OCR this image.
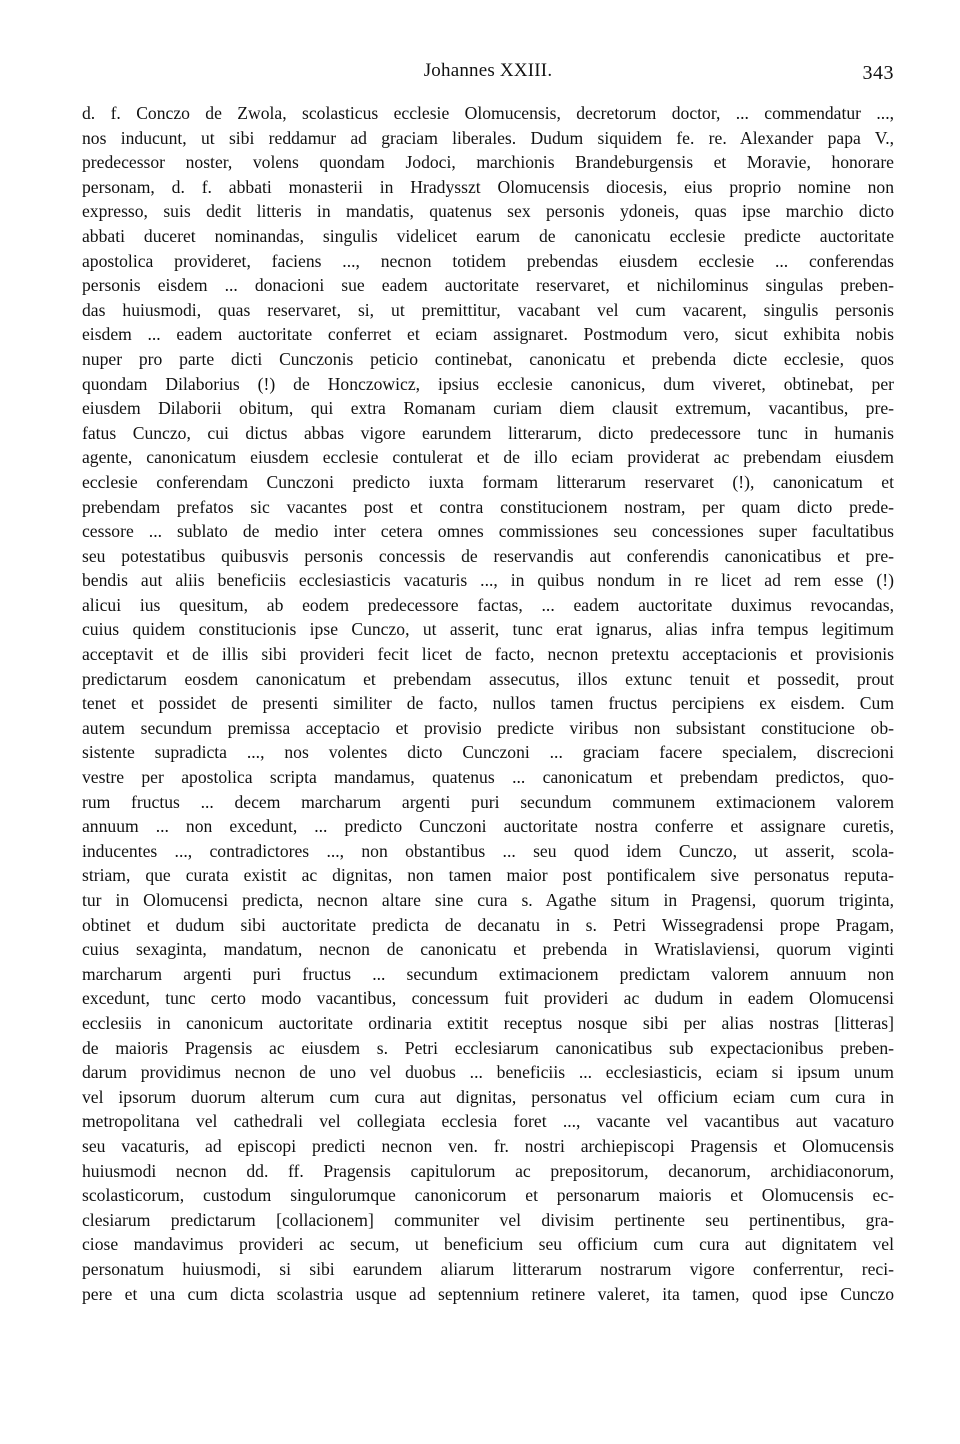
Johannes XXIII.	343
d. f. Conczo de Zwola, scolasticus ecclesie Olomucensis, decretorum doctor, ... commendatur ...,
nos inducunt, ut sibi reddamur ad graciam liberales. Dudum siquidem fe. re. Alexander papa V.,
predecessor noster, volens quondam Jodoci, marchionis Brandeburgensis et Moravie, honorare
personam, d. f. abbati monasterii in Hradysszt Olomucensis diocesis, eius proprio nomine non
expresso, suis dedit litteris in mandatis, quatenus sex personis ydoneis, quas ipse marchio dicto
abbati duceret nominandas, singulis videlicet earum de canonicatu ecclesie predicte auctoritate
apostolica provideret, faciens ..., necnon totidem prebendas eiusdem ecclesie ... conferendas
personis eisdem ... donacioni sue eadem auctoritate reservaret, et nichilominus singulas preben-
das huiusmodi, quas reservaret, si, ut premittitur, vacabant vel cum vacarent, singulis personis
eisdem ... eadem auctoritate conferret et eciam assignaret. Postmodum vero, sicut exhibita nobis
nuper pro parte dicti Cunczonis peticio continebat, canonicatu et prebenda dicte ecclesie, quos
quondam Dilaborius (!) de Honczowicz, ipsius ecclesie canonicus, dum viveret, obtinebat, per
eiusdem Dilaborii obitum, qui extra Romanam curiam diem clausit extremum, vacantibus, pre-
fatus Cunczo, cui dictus abbas vigore earundem litterarum, dicto predecessore tunc in humanis
agente, canonicatum eiusdem ecclesie contulerat et de illo eciam providerat ac prebendam eiusdem
ecclesie conferendam Cunczoni predicto iuxta formam litterarum reservaret (!), canonicatum et
prebendam prefatos sic vacantes post et contra constitucionem nostram, per quam dicto prede-
cessore ... sublato de medio inter cetera omnes commissiones seu concessiones super facultatibus
seu potestatibus quibusvis personis concessis de reservandis aut conferendis canonicatibus et pre-
bendis aut aliis beneficiis ecclesiasticis vacaturis ..., in quibus nondum in re licet ad rem esse (!)
alicui ius quesitum, ab eodem predecessore factas, ... eadem auctoritate duximus revocandas,
cuius quidem constitucionis ipse Cunczo, ut asserit, tunc erat ignarus, alias infra tempus legitimum
acceptavit et de illis sibi provideri fecit licet de facto, necnon pretextu acceptacionis et provisionis
predictarum eosdem canonicatum et prebendam assecutus, illos extunc tenuit et possedit, prout
tenet et possidet de presenti similiter de facto, nullos tamen fructus percipiens ex eisdem. Cum
autem secundum premissa acceptacio et provisio predicte viribus non subsistant constitucione ob-
sistente supradicta ..., nos volentes dicto Cunczoni ... graciam facere specialem, discrecioni
vestre per apostolica scripta mandamus, quatenus ... canonicatum et prebendam predictos, quo-
rum fructus ... decem marcharum argenti puri secundum communem extimacionem valorem
annuum ... non excedunt, ... predicto Cunczoni auctoritate nostra conferre et assignare curetis,
inducentes ..., contradictores ..., non obstantibus ... seu quod idem Cunczo, ut asserit, scola-
striam, que curata existit ac dignitas, non tamen maior post pontificalem sive personatus reputa-
tur in Olomucensi predicta, necnon altare sine cura s. Agathe situm in Pragensi, quorum triginta,
obtinet et dudum sibi auctoritate predicta de decanatu in s. Petri Wissegradensi prope Pragam,
cuius sexaginta, mandatum, necnon de canonicatu et prebenda in Wratislaviensi, quorum viginti
marcharum argenti puri fructus ... secundum extimacionem predictam valorem annuum non
excedunt, tunc certo modo vacantibus, concessum fuit provideri ac dudum in eadem Olomucensi
ecclesiis in canonicum auctoritate ordinaria extitit receptus nosque sibi per alias nostras [litteras]
de maioris Pragensis ac eiusdem s. Petri ecclesiarum canonicatibus sub expectacionibus preben-
darum providimus necnon de uno vel duobus ... beneficiis ... ecclesiasticis, eciam si ipsum unum
vel ipsorum duorum alterum cum cura aut dignitas, personatus vel officium eciam cum cura in
metropolitana vel cathedrali vel collegiata ecclesia foret ..., vacante vel vacantibus aut vacaturo
seu vacaturis, ad episcopi predicti necnon ven. fr. nostri archiepiscopi Pragensis et Olomucensis
huiusmodi necnon dd. ff. Pragensis capitulorum ac prepositorum, decanorum, archidiaconorum,
scolasticorum, custodum singulorumque canonicorum et personarum maioris et Olomucensis ec-
clesiarum predictarum [collacionem] communiter vel divisim pertinente seu pertinentibus, gra-
ciose mandavimus provideri ac secum, ut beneficium seu officium cum cura aut dignitatem vel
personatum huiusmodi, si sibi earundem aliarum litterarum nostrarum vigore conferrentur, reci-
pere et una cum dicta scolastria usque ad septennium retinere valeret, ita tamen, quod ipse Cunczo
